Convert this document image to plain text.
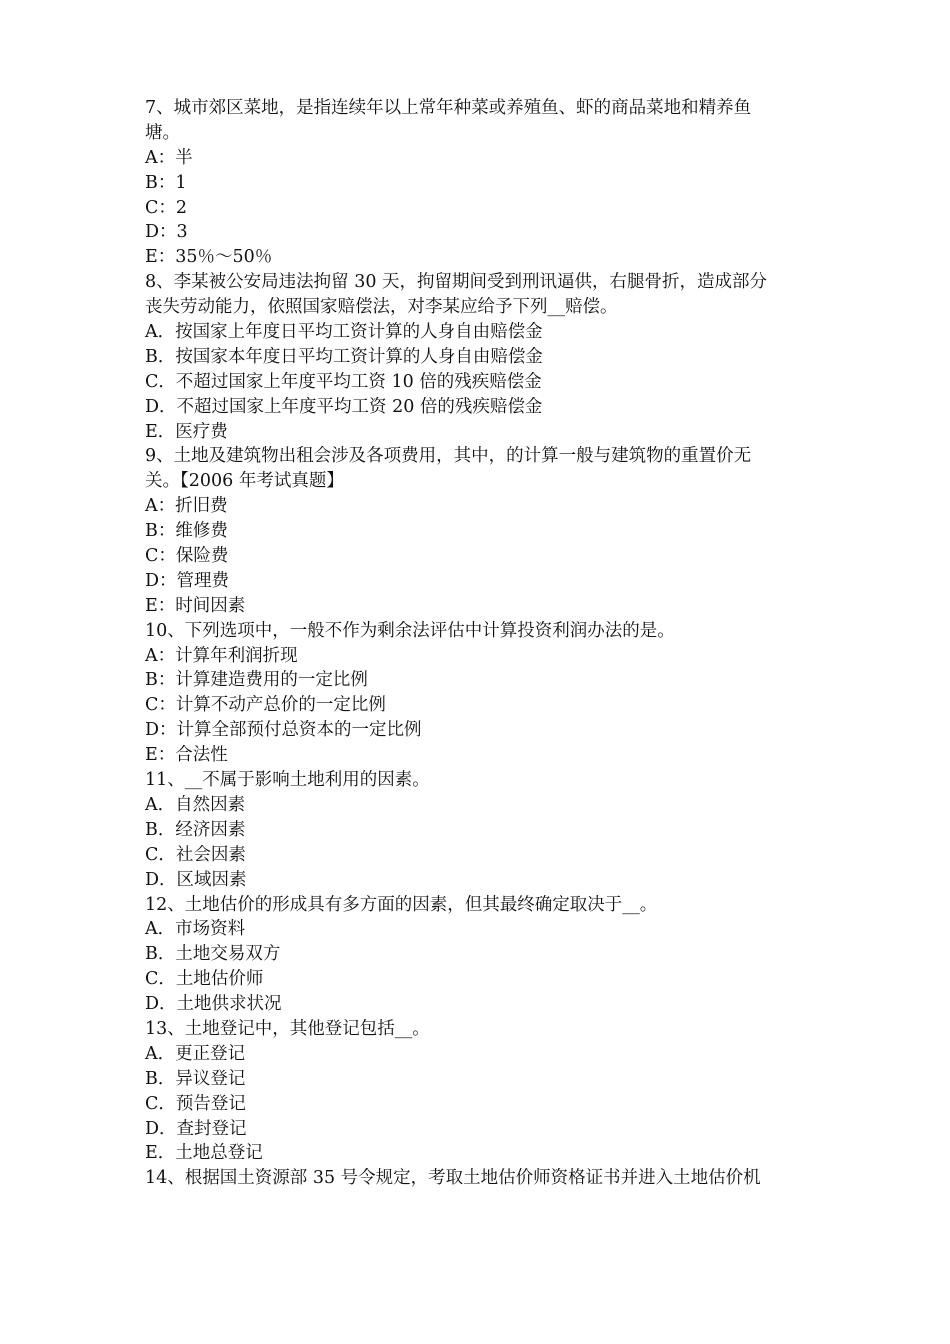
7、城市郊区菜地，是指连续年以上常年种菜或养殖鱼、虾的商品菜地和精养鱼
塘。
A：半
B：1
C：2
D：3
E：35％～50％
8、李某被公安局违法拘留 30 天，拘留期间受到刑讯逼供，右腿骨折，造成部分
丧失劳动能力，依照国家赔偿法，对李某应给予下列__赔偿。
A．按国家上年度日平均工资计算的人身自由赔偿金
B．按国家本年度日平均工资计算的人身自由赔偿金
C．不超过国家上年度平均工资 10 倍的残疾赔偿金
D．不超过国家上年度平均工资 20 倍的残疾赔偿金
E．医疗费
9、土地及建筑物出租会涉及各项费用，其中，的计算一般与建筑物的重置价无
关。【2006 年考试真题】
A：折旧费
B：维修费
C：保险费
D：管理费
E：时间因素
10、下列选项中，一般不作为剩余法评估中计算投资利润办法的是。
A：计算年利润折现
B：计算建造费用的一定比例
C：计算不动产总价的一定比例
D：计算全部预付总资本的一定比例
E：合法性
11、__不属于影响土地利用的因素。
A．自然因素
B．经济因素
C．社会因素
D．区域因素
12、土地估价的形成具有多方面的因素，但其最终确定取决于__。
A．市场资料
B．土地交易双方
C．土地估价师
D．土地供求状况
13、土地登记中，其他登记包括__。
A．更正登记
B．异议登记
C．预告登记
D．查封登记
E．土地总登记
14、根据国土资源部 35 号令规定，考取土地估价师资格证书并进入土地估价机
